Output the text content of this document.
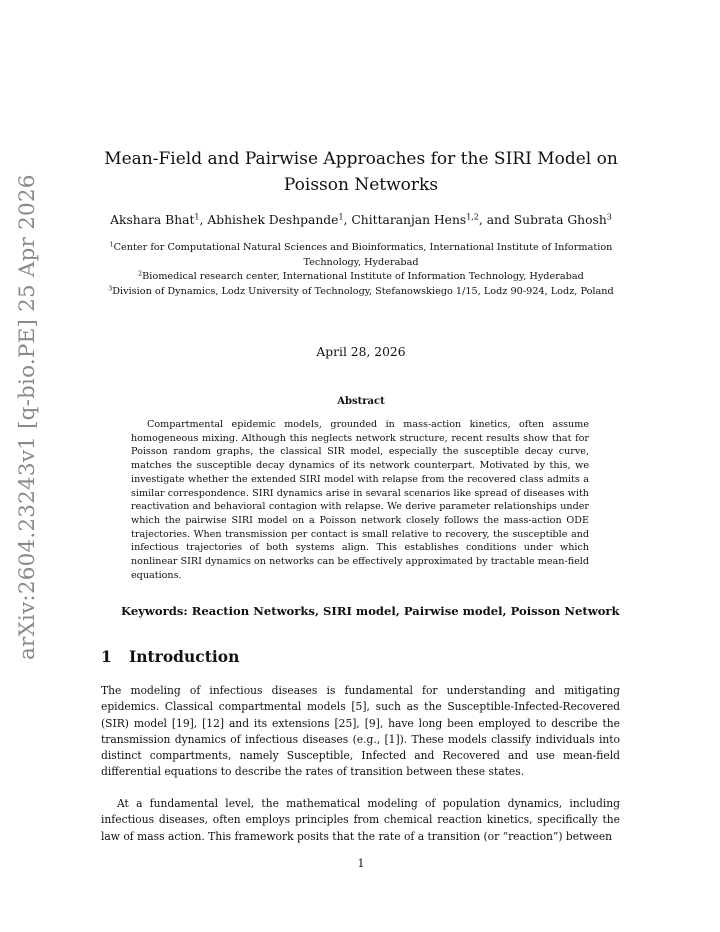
arXiv:2604.23243v1 [q-bio.PE] 25 Apr 2026
Mean-Field and Pairwise Approaches for the SIRI Model on Poisson Networks
Akshara Bhat$^1$, Abhishek Deshpande$^1$, Chittaranjan Hens$^{1,2}$, and Subrata Ghosh$^3$
$^1$Center for Computational Natural Sciences and Bioinformatics, International Institute of Information Technology, Hyderabad
$^2$Biomedical research center, International Institute of Information Technology, Hyderabad
$^3$Division of Dynamics, Lodz University of Technology, Stefanowskiego 1/15, Lodz 90-924, Lodz, Poland
April 28, 2026
Abstract

Compartmental epidemic models, grounded in mass-action kinetics, often assume homogeneous mixing. Although this neglects network structure, recent results show that for Poisson random graphs, the classical SIR model, especially the susceptible decay curve, matches the susceptible decay dynamics of its network counterpart. Motivated by this, we investigate whether the extended SIRI model with relapse from the recovered class admits a similar correspondence. SIRI dynamics arise in sevaral scenarios like spread of diseases with reactivation and behavioral contagion with relapse. We derive parameter relationships under which the pairwise SIRI model on a Poisson network closely follows the mass-action ODE trajectories. When transmission per contact is small relative to recovery, the susceptible and infectious trajectories of both systems align. This establishes conditions under which nonlinear SIRI dynamics on networks can be effectively approximated by tractable mean-field equations.

Keywords: Reaction Networks, SIRI model, Pairwise model, Poisson Network
1 Introduction

The modeling of infectious diseases is fundamental for understanding and mitigating epidemics. Classical compartmental models [5], such as the Susceptible-Infected-Recovered (SIR) model [19], [12] and its extensions [25], [9], have long been employed to describe the transmission dynamics of infectious diseases (e.g., [1]). These models classify individuals into distinct compartments, namely Susceptible, Infected and Recovered and use mean-field differential equations to describe the rates of transition between these states.

At a fundamental level, the mathematical modeling of population dynamics, including infectious diseases, often employs principles from chemical reaction kinetics, specifically the law of mass action. This framework posits that the rate of a transition (or “reaction”) between

1
